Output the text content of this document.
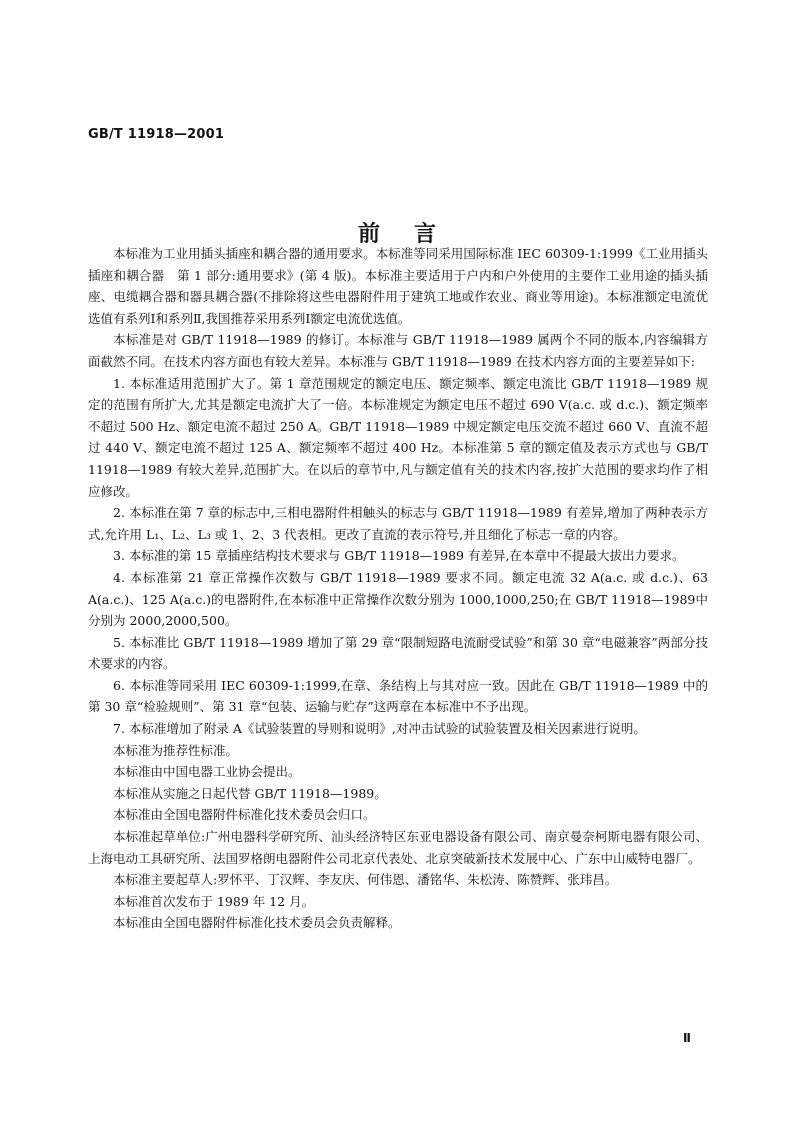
GB/T 11918—2001
前言

本标准为工业用插头插座和耦合器的通用要求。本标准等同采用国际标准 IEC 60309-1:1999《工业用插头插座和耦合器　第 1 部分:通用要求》(第 4 版)。本标准主要适用于户内和户外使用的主要作工业用途的插头插座、电缆耦合器和器具耦合器(不排除将这些电器附件用于建筑工地或作农业、商业等用途)。本标准额定电流优选值有系列Ⅰ和系列Ⅱ,我国推荐采用系列Ⅰ额定电流优选值。

本标准是对 GB/T 11918—1989 的修订。本标准与 GB/T 11918—1989 属两个不同的版本,内容编辑方面截然不同。在技术内容方面也有较大差异。本标准与 GB/T 11918—1989 在技术内容方面的主要差异如下:

1. 本标准适用范围扩大了。第 1 章范围规定的额定电压、额定频率、额定电流比 GB/T 11918—1989 规定的范围有所扩大,尤其是额定电流扩大了一倍。本标准规定为额定电压不超过 690 V(a.c. 或 d.c.)、额定频率不超过 500 Hz、额定电流不超过 250 A。GB/T 11918—1989 中规定额定电压交流不超过 660 V、直流不超过 440 V、额定电流不超过 125 A、额定频率不超过 400 Hz。本标准第 5 章的额定值及表示方式也与 GB/T 11918—1989 有较大差异,范围扩大。在以后的章节中,凡与额定值有关的技术内容,按扩大范围的要求均作了相应修改。

2. 本标准在第 7 章的标志中,三相电器附件相触头的标志与 GB/T 11918—1989 有差异,增加了两种表示方式,允许用 L₁、L₂、L₃ 或 1、2、3 代表相。更改了直流的表示符号,并且细化了标志一章的内容。

3. 本标准的第 15 章插座结构技术要求与 GB/T 11918—1989 有差异,在本章中不提最大拔出力要求。

4. 本标准第 21 章正常操作次数与 GB/T 11918—1989 要求不同。额定电流 32 A(a.c. 或 d.c.)、63 A(a.c.)、125 A(a.c.)的电器附件,在本标准中正常操作次数分别为 1000,1000,250;在 GB/T 11918—1989中分别为 2000,2000,500。

5. 本标准比 GB/T 11918—1989 增加了第 29 章“限制短路电流耐受试验”和第 30 章“电磁兼容”两部分技术要求的内容。

6. 本标准等同采用 IEC 60309-1:1999,在章、条结构上与其对应一致。因此在 GB/T 11918—1989 中的第 30 章“检验规则”、第 31 章“包装、运输与贮存”这两章在本标准中不予出现。

7. 本标准增加了附录 A《试验装置的导则和说明》,对冲击试验的试验装置及相关因素进行说明。

本标准为推荐性标准。

本标准由中国电器工业协会提出。

本标准从实施之日起代替 GB/T 11918—1989。

本标准由全国电器附件标准化技术委员会归口。

本标准起草单位:广州电器科学研究所、汕头经济特区东亚电器设备有限公司、南京曼奈柯斯电器有限公司、上海电动工具研究所、法国罗格朗电器附件公司北京代表处、北京突破新技术发展中心、广东中山威特电器厂。

本标准主要起草人:罗怀平、丁汉辉、李友庆、何伟恩、潘铭华、朱松涛、陈赞辉、张玮昌。

本标准首次发布于 1989 年 12 月。

本标准由全国电器附件标准化技术委员会负责解释。

Ⅱ
